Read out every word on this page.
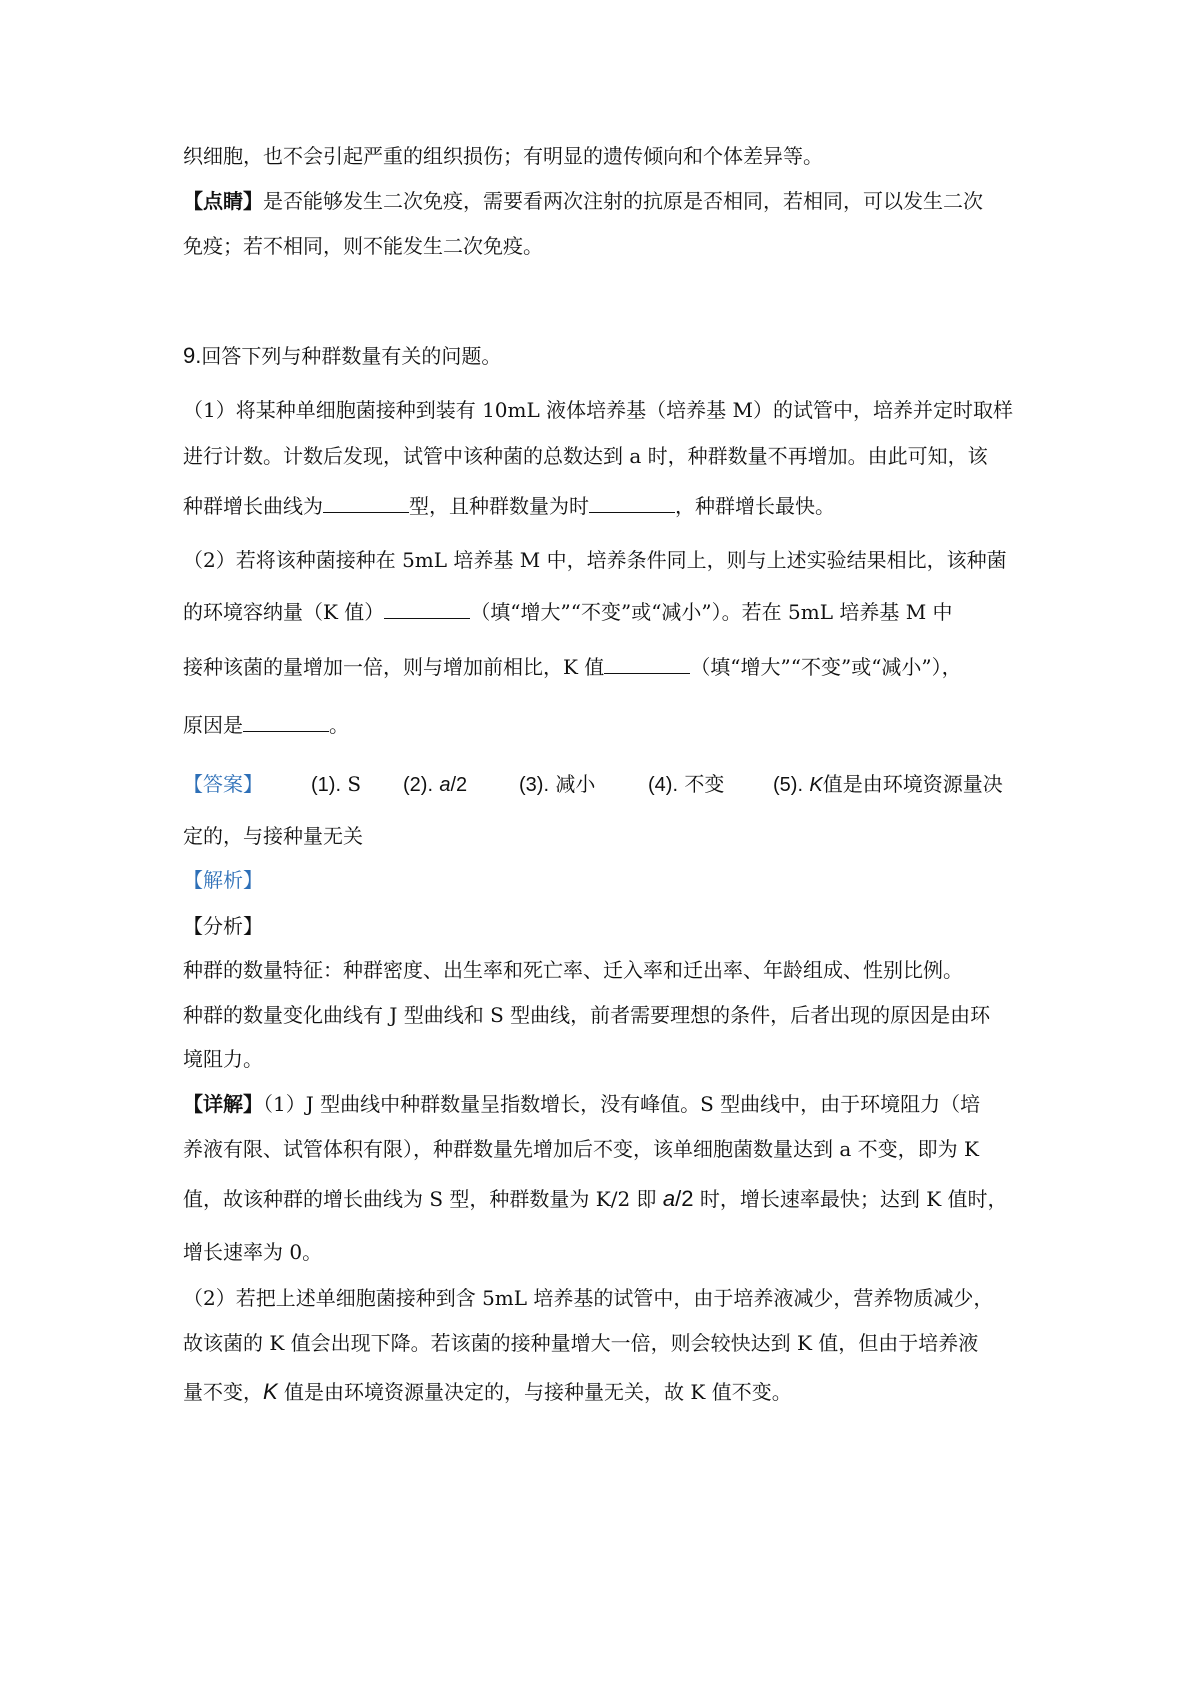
织细胞，也不会引起严重的组织损伤；有明显的遗传倾向和个体差异等。
【点睛】是否能够发生二次免疫，需要看两次注射的抗原是否相同，若相同，可以发生二次
免疫；若不相同，则不能发生二次免疫。
9.回答下列与种群数量有关的问题。
（1）将某种单细胞菌接种到装有 10mL 液体培养基（培养基 M）的试管中，培养并定时取样
进行计数。计数后发现，试管中该种菌的总数达到 a 时，种群数量不再增加。由此可知，该
种群增长曲线为	型，且种群数量为时	，种群增长最快。
（2）若将该种菌接种在 5mL 培养基 M 中，培养条件同上，则与上述实验结果相比，该种菌
的环境容纳量（K 值）	（填“增大”“不变”或“减小”）。若在 5mL 培养基 M 中
接种该菌的量增加一倍，则与增加前相比，K 值	（填“增大”“不变”或“减小”），
原因是	。
【答案】 (1). S (2). a/2	(3). 减小	(4). 不变 (5). K值是由环境资源量决
定的，与接种量无关
【解析】
【分析】
种群的数量特征：种群密度、出生率和死亡率、迁入率和迁出率、年龄组成、性别比例。
种群的数量变化曲线有 J 型曲线和 S 型曲线，前者需要理想的条件，后者出现的原因是由环
境阻力。
【详解】（1）J 型曲线中种群数量呈指数增长，没有峰值。S 型曲线中，由于环境阻力（培
养液有限、试管体积有限），种群数量先增加后不变，该单细胞菌数量达到 a 不变，即为 K
值，故该种群的增长曲线为 S 型，种群数量为 K/2 即 a/2 时，增长速率最快；达到 K 值时，
增长速率为 0。
（2）若把上述单细胞菌接种到含 5mL 培养基的试管中，由于培养液减少，营养物质减少，
故该菌的 K 值会出现下降。若该菌的接种量增大一倍，则会较快达到 K 值，但由于培养液
量不变，K 值是由环境资源量决定的，与接种量无关，故 K 值不变。
